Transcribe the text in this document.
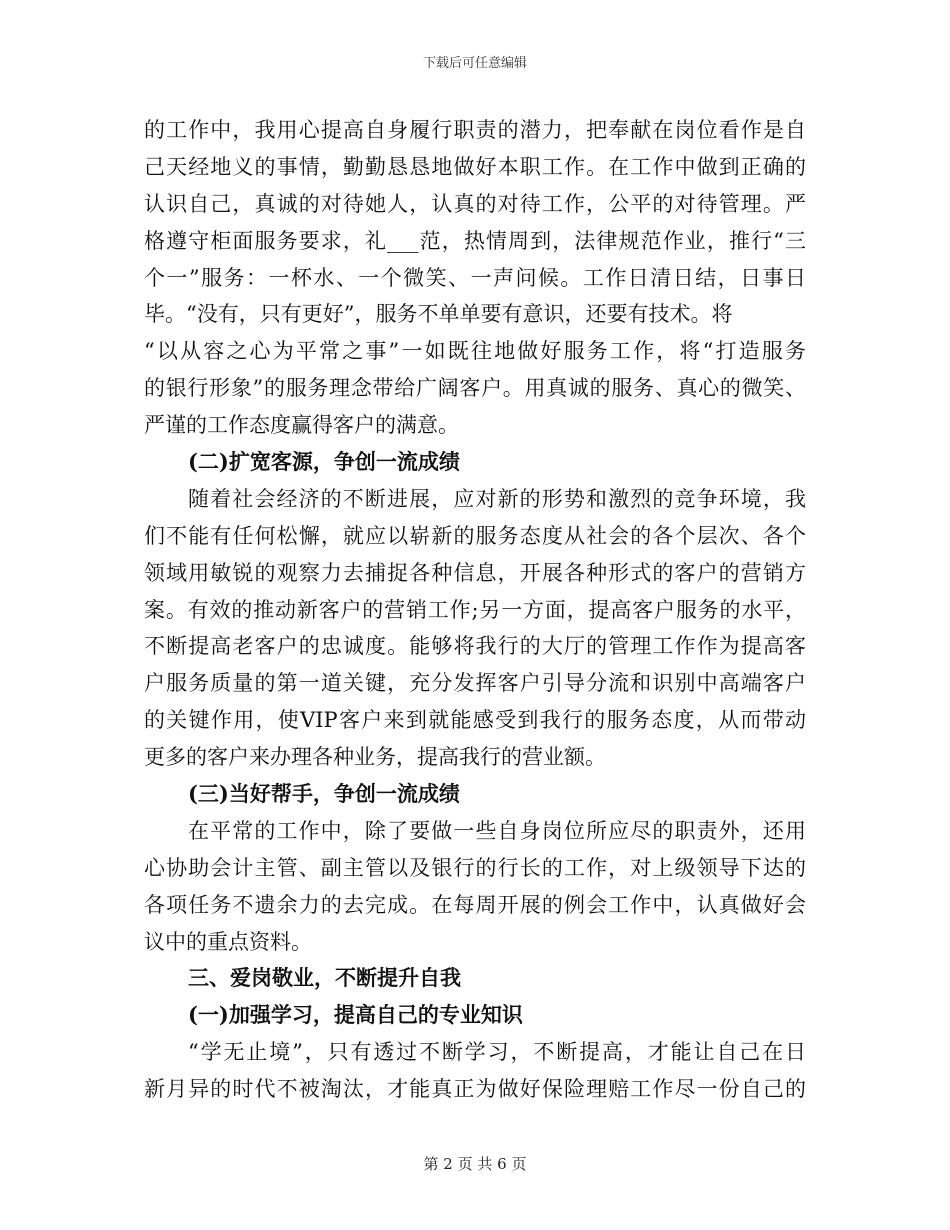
下载后可任意编辑
的工作中，我用心提高自身履行职责的潜力，把奉献在岗位看作是自
己天经地义的事情，勤勤恳恳地做好本职工作。在工作中做到正确的
认识自己，真诚的对待她人，认真的对待工作，公平的对待管理。严
格遵守柜面服务要求，礼___范，热情周到，法律规范作业，推行“三
个一”服务：一杯水、一个微笑、一声问候。工作日清日结，日事日
毕。“没有，只有更好”，服务不单单要有意识，还要有技术。将
“以从容之心为平常之事”一如既往地做好服务工作，将“打造服务
的银行形象”的服务理念带给广阔客户。用真诚的服务、真心的微笑、
严谨的工作态度赢得客户的满意。
(二)扩宽客源，争创一流成绩
随着社会经济的不断进展，应对新的形势和激烈的竞争环境，我
们不能有任何松懈，就应以崭新的服务态度从社会的各个层次、各个
领域用敏锐的观察力去捕捉各种信息，开展各种形式的客户的营销方
案。有效的推动新客户的营销工作;另一方面，提高客户服务的水平，
不断提高老客户的忠诚度。能够将我行的大厅的管理工作作为提高客
户服务质量的第一道关键，充分发挥客户引导分流和识别中高端客户
的关键作用，使VIP客户来到就能感受到我行的服务态度，从而带动
更多的客户来办理各种业务，提高我行的营业额。
(三)当好帮手，争创一流成绩
在平常的工作中，除了要做一些自身岗位所应尽的职责外，还用
心协助会计主管、副主管以及银行的行长的工作，对上级领导下达的
各项任务不遗余力的去完成。在每周开展的例会工作中，认真做好会
议中的重点资料。
三、爱岗敬业，不断提升自我
(一)加强学习，提高自己的专业知识
“学无止境”，只有透过不断学习，不断提高，才能让自己在日
新月异的时代不被淘汰，才能真正为做好保险理赔工作尽一份自己的
第 2 页 共 6 页
